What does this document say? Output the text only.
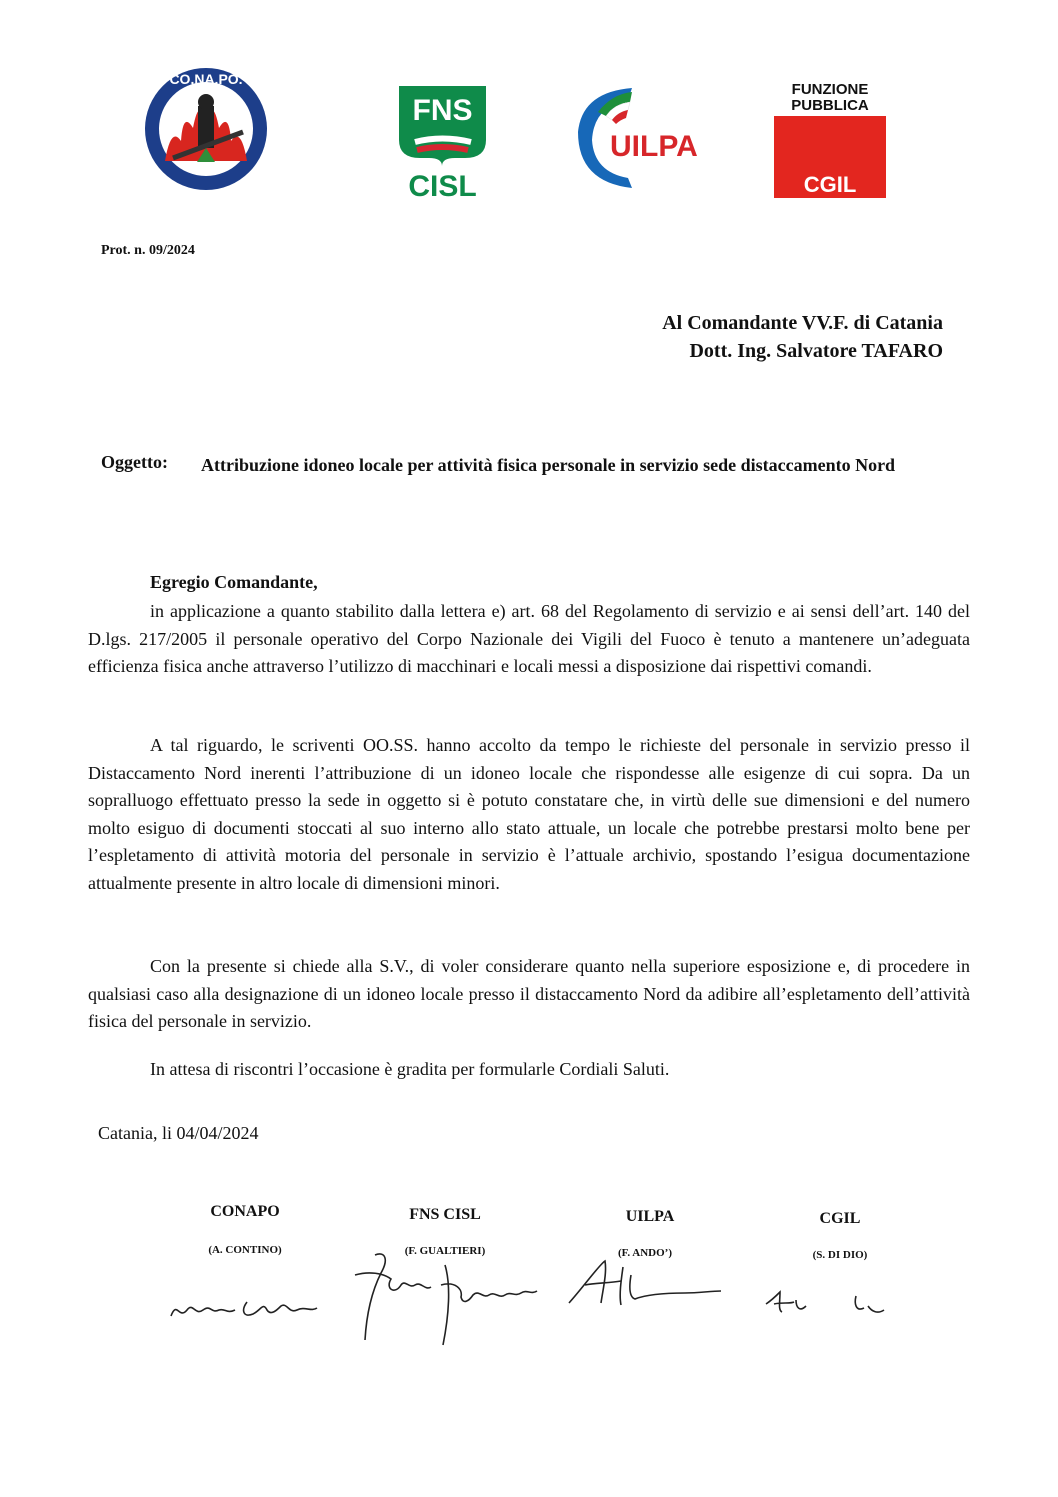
CO.NA.PO.
FNS
CISL
UILPA
FUNZIONE
PUBBLICA
CGIL
Prot. n. 09/2024
Al Comandante VV.F. di Catania
Dott. Ing. Salvatore TAFARO
Oggetto: Attribuzione idoneo locale per attività fisica personale in servizio sede distaccamento Nord
Egregio Comandante,
in applicazione a quanto stabilito dalla lettera e) art. 68 del Regolamento di servizio e ai sensi dell’art. 140 del D.lgs. 217/2005 il personale operativo del Corpo Nazionale dei Vigili del Fuoco è tenuto a mantenere un’adeguata efficienza fisica anche attraverso l’utilizzo di macchinari e locali messi a disposizione dai rispettivi comandi.
A tal riguardo, le scriventi OO.SS. hanno accolto da tempo le richieste del personale in servizio presso il Distaccamento Nord inerenti l’attribuzione di un idoneo locale che rispondesse alle esigenze di cui sopra. Da un sopralluogo effettuato presso la sede in oggetto si è potuto constatare che, in virtù delle sue dimensioni e del numero molto esiguo di documenti stoccati al suo interno allo stato attuale, un locale che potrebbe prestarsi molto bene per l’espletamento di attività motoria del personale in servizio è l’attuale archivio, spostando l’esigua documentazione attualmente presente in altro locale di dimensioni minori.
Con la presente si chiede alla S.V., di voler considerare quanto nella superiore esposizione e, di procedere in qualsiasi caso alla designazione di un idoneo locale presso il distaccamento Nord da adibire all’espletamento dell’attività fisica del personale in servizio.
In attesa di riscontri l’occasione è gradita per formularle Cordiali Saluti.
Catania, li 04/04/2024
CONAPO
(A. CONTINO)
FNS CISL
(F. GUALTIERI)
UILPA
(F. ANDO’)
CGIL
(S. DI DIO)
